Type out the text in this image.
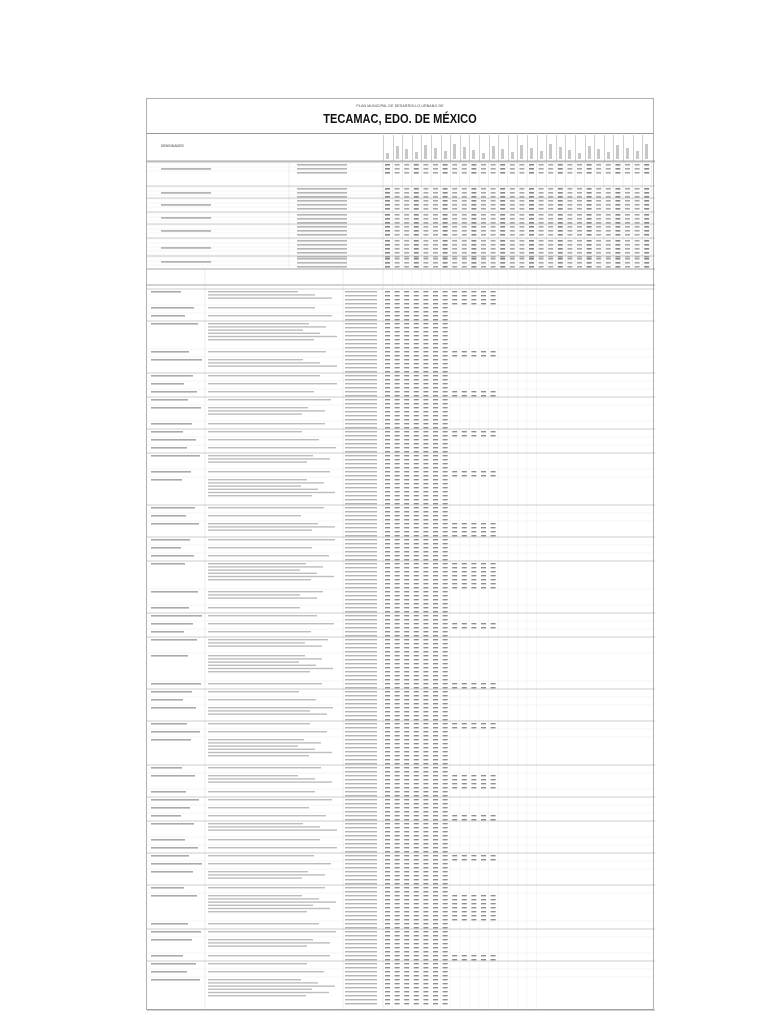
PLAN MUNICIPAL DE DESARROLLO URBANO DE
TECAMAC, EDO. DE MÉXICO
DENSIDADES
